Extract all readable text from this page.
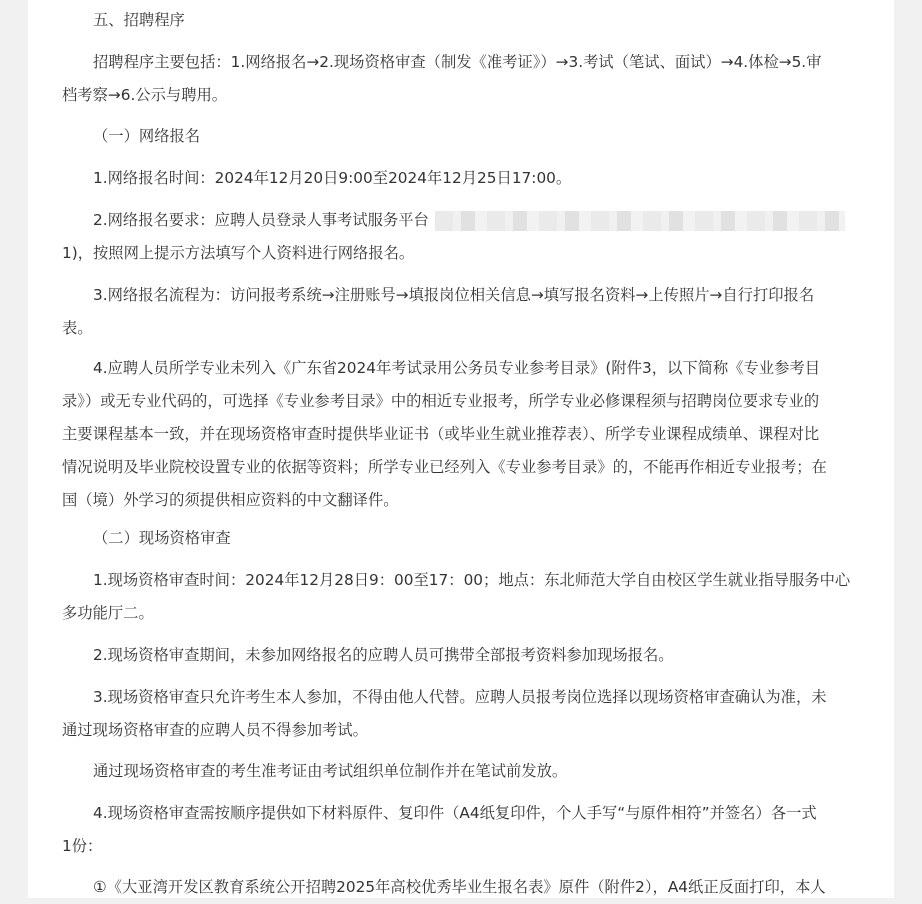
五、招聘程序

招聘程序主要包括：1.网络报名→2.现场资格审查（制发《准考证》）→3.考试（笔试、面试）→4.体检→5.审
档考察→6.公示与聘用。

（一）网络报名

1.网络报名时间：2024年12月20日9:00至2024年12月25日17:00。

2.网络报名要求：应聘人员登录人事考试服务平台
1)，按照网上提示方法填写个人资料进行网络报名。

3.网络报名流程为：访问报考系统→注册账号→填报岗位相关信息→填写报名资料→上传照片→自行打印报名
表。

4.应聘人员所学专业未列入《广东省2024年考试录用公务员专业参考目录》(附件3，以下简称《专业参考目
录》）或无专业代码的，可选择《专业参考目录》中的相近专业报考，所学专业必修课程须与招聘岗位要求专业的
主要课程基本一致，并在现场资格审查时提供毕业证书（或毕业生就业推荐表）、所学专业课程成绩单、课程对比
情况说明及毕业院校设置专业的依据等资料；所学专业已经列入《专业参考目录》的，不能再作相近专业报考；在
国（境）外学习的须提供相应资料的中文翻译件。

（二）现场资格审查

1.现场资格审查时间：2024年12月28日9：00至17：00；地点：东北师范大学自由校区学生就业指导服务中心
多功能厅二。

2.现场资格审查期间，未参加网络报名的应聘人员可携带全部报考资料参加现场报名。

3.现场资格审查只允许考生本人参加，不得由他人代替。应聘人员报考岗位选择以现场资格审查确认为准，未
通过现场资格审查的应聘人员不得参加考试。

通过现场资格审查的考生准考证由考试组织单位制作并在笔试前发放。

4.现场资格审查需按顺序提供如下材料原件、复印件（A4纸复印件，个人手写“与原件相符”并签名）各一式
1份：

①《大亚湾开发区教育系统公开招聘2025年高校优秀毕业生报名表》原件（附件2），A4纸正反面打印，本人
